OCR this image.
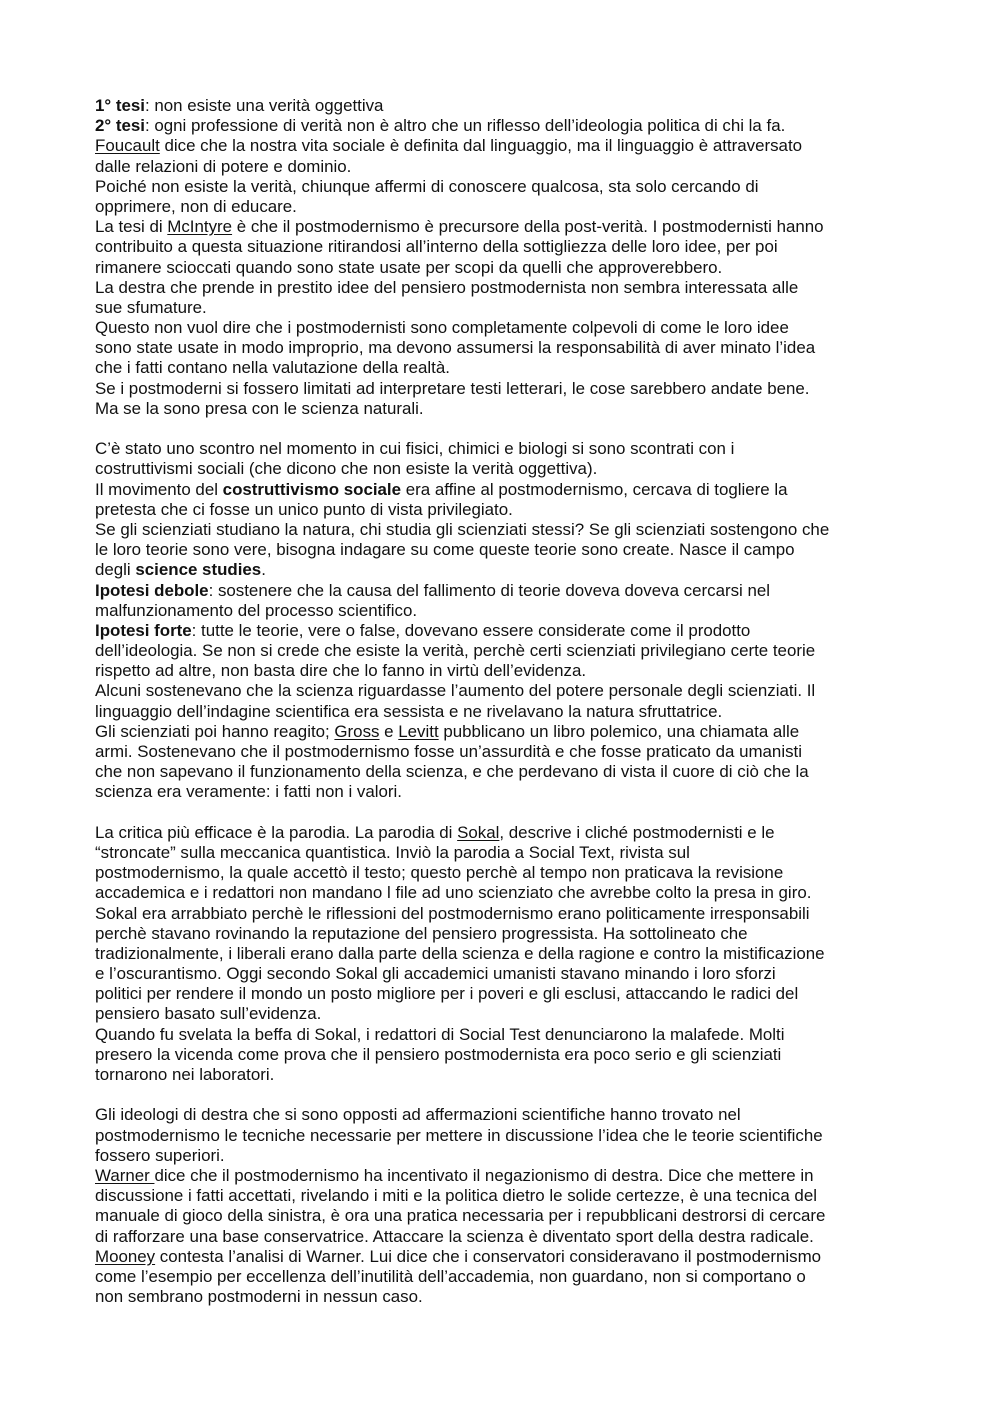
1° tesi: non esiste una verità oggettiva
2° tesi: ogni professione di verità non è altro che un riflesso dell’ideologia politica di chi la fa.
Foucault dice che la nostra vita sociale è definita dal linguaggio, ma il linguaggio è attraversato
dalle relazioni di potere e dominio.
Poiché non esiste la verità, chiunque affermi di conoscere qualcosa, sta solo cercando di
opprimere, non di educare.
La tesi di McIntyre è che il postmodernismo è precursore della post-verità. I postmodernisti hanno
contribuito a questa situazione ritirandosi all’interno della sottigliezza delle loro idee, per poi
rimanere scioccati quando sono state usate per scopi da quelli che approverebbero.
La destra che prende in prestito idee del pensiero postmodernista non sembra interessata alle
sue sfumature.
Questo non vuol dire che i postmodernisti sono completamente colpevoli di come le loro idee
sono state usate in modo improprio, ma devono assumersi la responsabilità di aver minato l’idea
che i fatti contano nella valutazione della realtà.
Se i postmoderni si fossero limitati ad interpretare testi letterari, le cose sarebbero andate bene.
Ma se la sono presa con le scienza naturali.
C’è stato uno scontro nel momento in cui fisici, chimici e biologi si sono scontrati con i
costruttivismi sociali (che dicono che non esiste la verità oggettiva).
Il movimento del costruttivismo sociale era affine al postmodernismo, cercava di togliere la
pretesta che ci fosse un unico punto di vista privilegiato.
Se gli scienziati studiano la natura, chi studia gli scienziati stessi? Se gli scienziati sostengono che
le loro teorie sono vere, bisogna indagare su come queste teorie sono create. Nasce il campo
degli science studies.
Ipotesi debole: sostenere che la causa del fallimento di teorie doveva doveva cercarsi nel
malfunzionamento del processo scientifico.
Ipotesi forte: tutte le teorie, vere o false, dovevano essere considerate come il prodotto
dell’ideologia. Se non si crede che esiste la verità, perchè certi scienziati privilegiano certe teorie
rispetto ad altre, non basta dire che lo fanno in virtù dell’evidenza.
Alcuni sostenevano che la scienza riguardasse l’aumento del potere personale degli scienziati. Il
linguaggio dell’indagine scientifica era sessista e ne rivelavano la natura sfruttatrice.
Gli scienziati poi hanno reagito; Gross e Levitt pubblicano un libro polemico, una chiamata alle
armi. Sostenevano che il postmodernismo fosse un’assurdità e che fosse praticato da umanisti
che non sapevano il funzionamento della scienza, e che perdevano di vista il cuore di ciò che la
scienza era veramente: i fatti non i valori.
La critica più efficace è la parodia. La parodia di Sokal, descrive i cliché postmodernisti e le
“stroncate” sulla meccanica quantistica. Inviò la parodia a Social Text, rivista sul
postmodernismo, la quale accettò il testo; questo perchè al tempo non praticava la revisione
accademica e i redattori non mandano l file ad uno scienziato che avrebbe colto la presa in giro.
Sokal era arrabbiato perchè le riflessioni del postmodernismo erano politicamente irresponsabili
perchè stavano rovinando la reputazione del pensiero progressista. Ha sottolineato che
tradizionalmente, i liberali erano dalla parte della scienza e della ragione e contro la mistificazione
e l’oscurantismo. Oggi secondo Sokal gli accademici umanisti stavano minando i loro sforzi
politici per rendere il mondo un posto migliore per i poveri e gli esclusi, attaccando le radici del
pensiero basato sull’evidenza.
Quando fu svelata la beffa di Sokal, i redattori di Social Test denunciarono la malafede. Molti
presero la vicenda come prova che il pensiero postmodernista era poco serio e gli scienziati
tornarono nei laboratori.
Gli ideologi di destra che si sono opposti ad affermazioni scientifiche hanno trovato nel
postmodernismo le tecniche necessarie per mettere in discussione l’idea che le teorie scientifiche
fossero superiori.
Warner dice che il postmodernismo ha incentivato il negazionismo di destra. Dice che mettere in
discussione i fatti accettati, rivelando i miti e la politica dietro le solide certezze, è una tecnica del
manuale di gioco della sinistra, è ora una pratica necessaria per i repubblicani destrorsi di cercare
di rafforzare una base conservatrice. Attaccare la scienza è diventato sport della destra radicale.
Mooney contesta l’analisi di Warner. Lui dice che i conservatori consideravano il postmodernismo
come l’esempio per eccellenza dell’inutilità dell’accademia, non guardano, non si comportano o
non sembrano postmoderni in nessun caso.
